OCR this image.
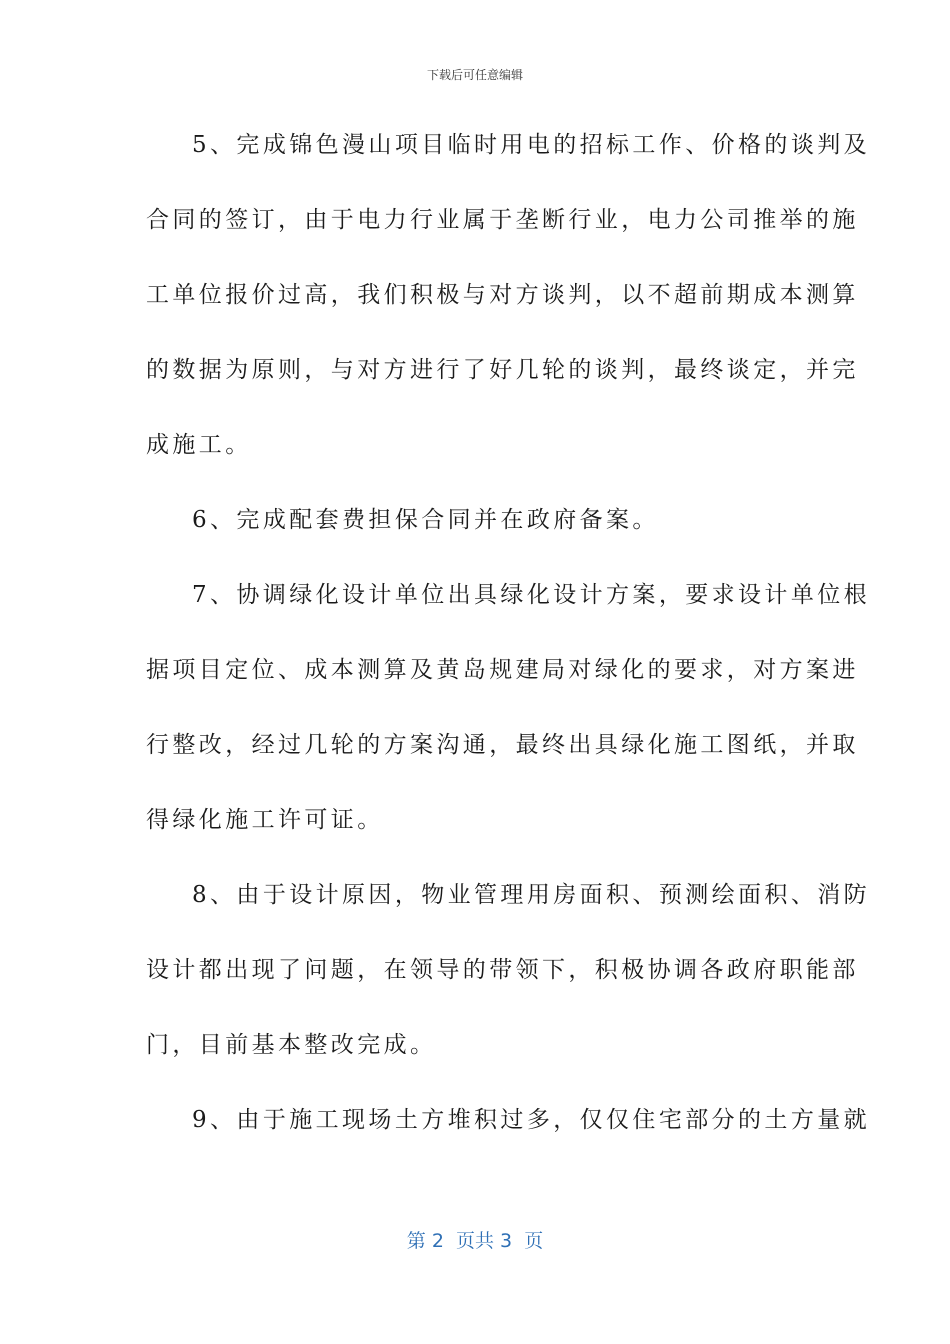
下载后可任意编辑
5、完成锦色漫山项目临时用电的招标工作、价格的谈判及
合同的签订，由于电力行业属于垄断行业，电力公司推举的施
工单位报价过高，我们积极与对方谈判，以不超前期成本测算
的数据为原则，与对方进行了好几轮的谈判，最终谈定，并完
成施工。
6、完成配套费担保合同并在政府备案。
7、协调绿化设计单位出具绿化设计方案，要求设计单位根
据项目定位、成本测算及黄岛规建局对绿化的要求，对方案进
行整改，经过几轮的方案沟通，最终出具绿化施工图纸，并取
得绿化施工许可证。
8、由于设计原因，物业管理用房面积、预测绘面积、消防
设计都出现了问题，在领导的带领下，积极协调各政府职能部
门，目前基本整改完成。
9、由于施工现场土方堆积过多，仅仅住宅部分的土方量就
第 2  页共 3  页
